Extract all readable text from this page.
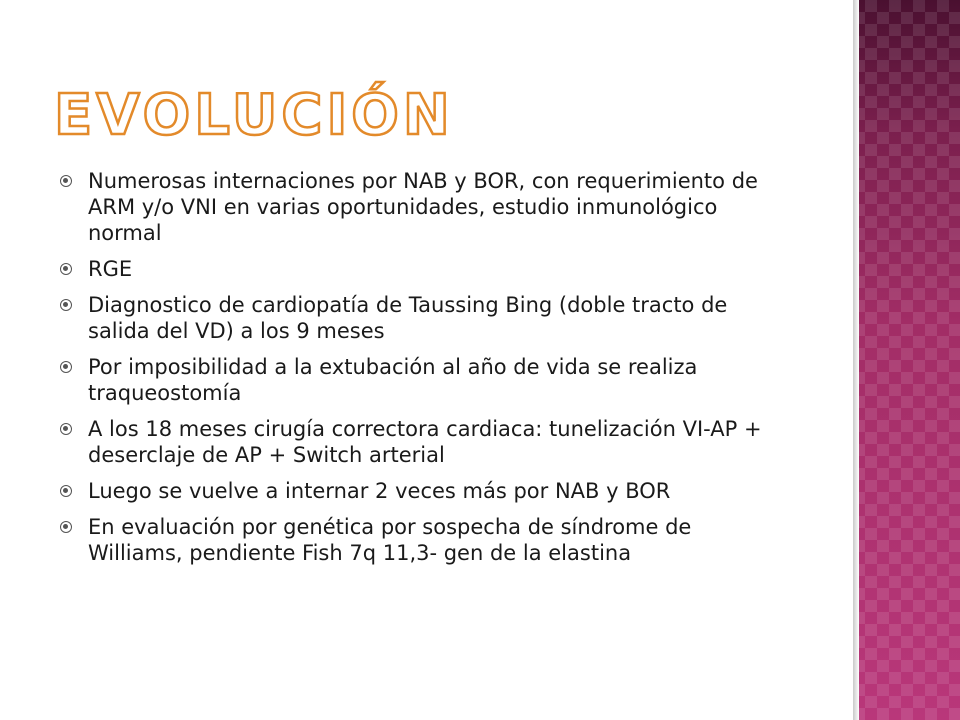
EVOLUCIÓN
Numerosas internaciones por NAB y BOR, con requerimiento de ARM y/o VNI en varias oportunidades, estudio inmunológico normal
RGE
Diagnostico de cardiopatía de Taussing Bing (doble tracto de salida del VD) a los 9 meses
Por imposibilidad a la extubación al año de vida se realiza traqueostomía
A los 18 meses cirugía correctora cardiaca: tunelización VI-AP + deserclaje de AP + Switch arterial
Luego se vuelve a internar 2 veces más por NAB y BOR
En evaluación por genética por sospecha de síndrome de Williams, pendiente Fish 7q 11,3- gen de la elastina
